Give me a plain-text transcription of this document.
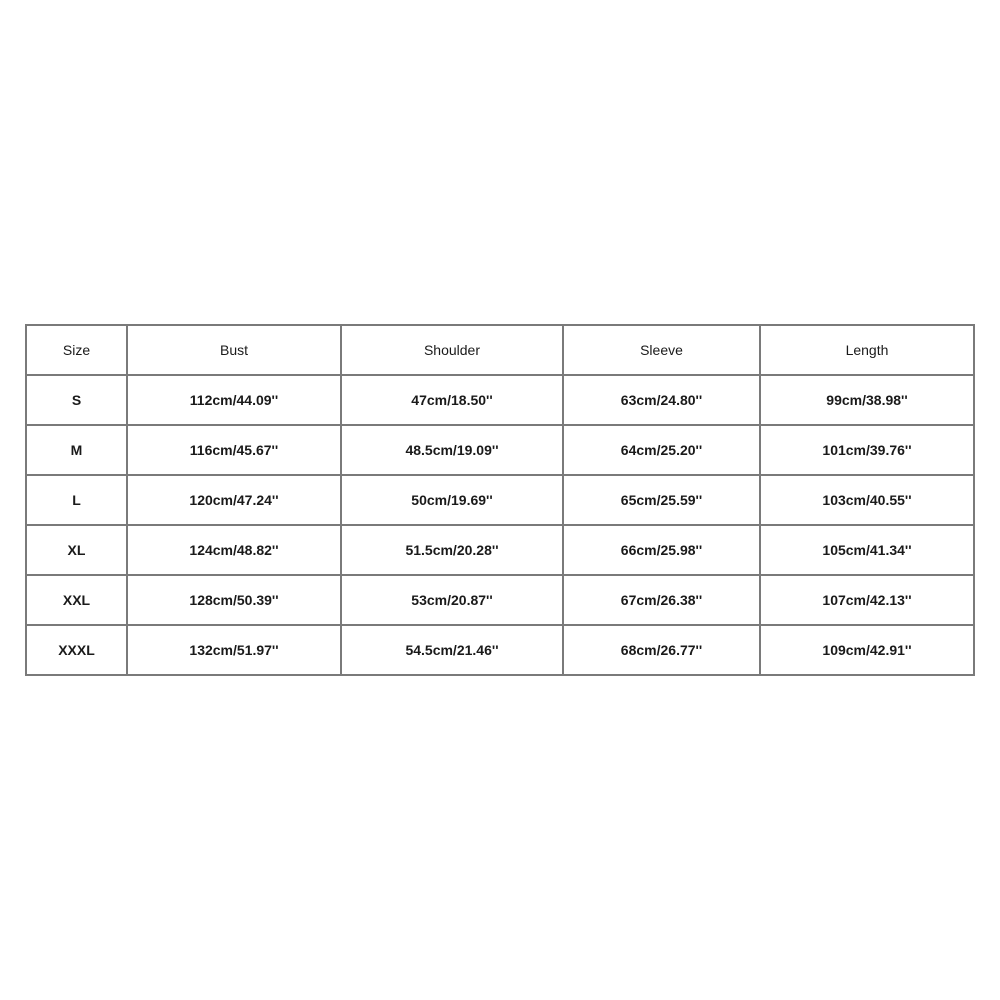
Size	Bust	Shoulder	Sleeve	Length
S	112cm/44.09''	47cm/18.50''	63cm/24.80''	99cm/38.98''
M	116cm/45.67''	48.5cm/19.09''	64cm/25.20''	101cm/39.76''
L	120cm/47.24''	50cm/19.69''	65cm/25.59''	103cm/40.55''
XL	124cm/48.82''	51.5cm/20.28''	66cm/25.98''	105cm/41.34''
XXL	128cm/50.39''	53cm/20.87''	67cm/26.38''	107cm/42.13''
XXXL	132cm/51.97''	54.5cm/21.46''	68cm/26.77''	109cm/42.91''
